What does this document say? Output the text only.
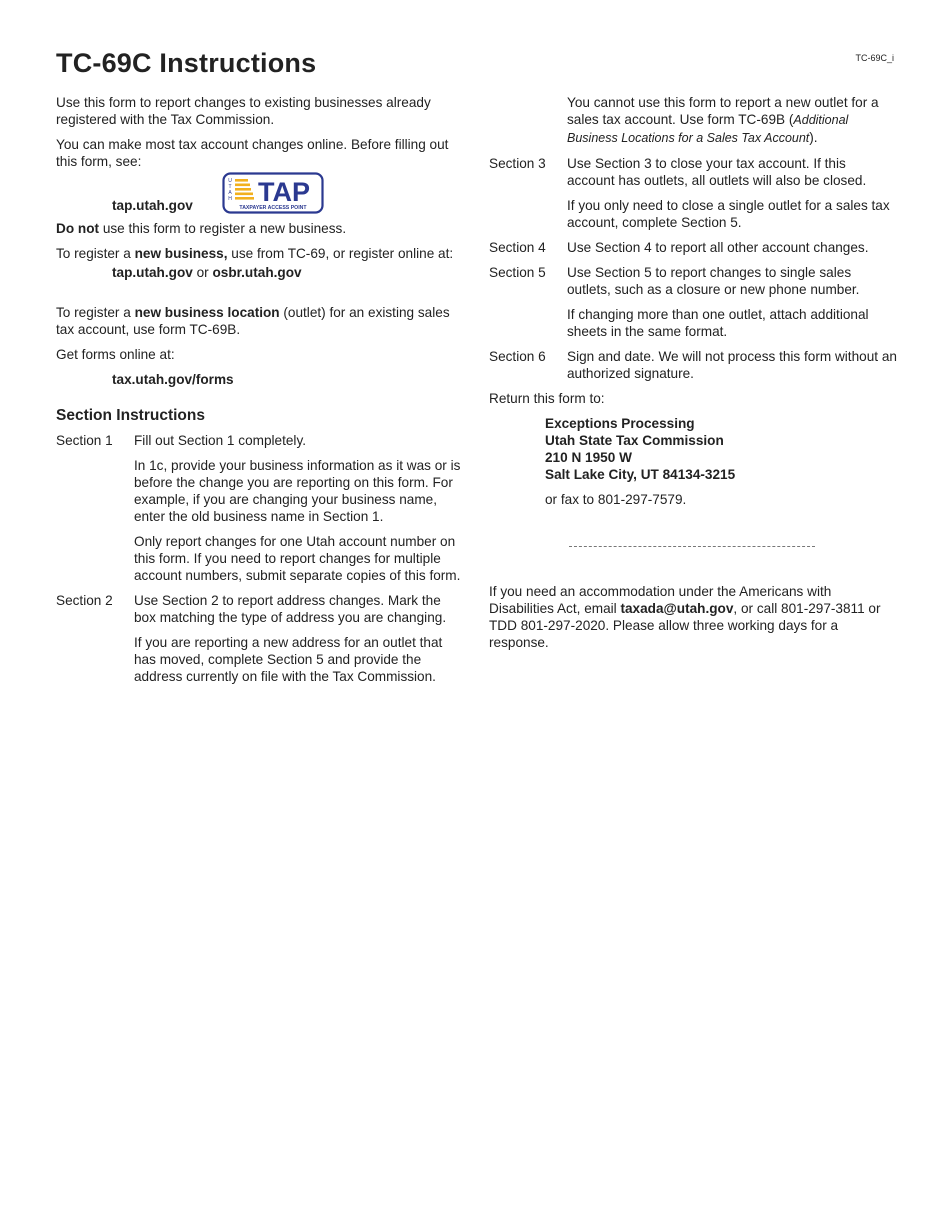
TC-69C Instructions	TC-69C_i

Use this form to report changes to existing businesses already registered with the Tax Commission.

You can make most tax account changes online. Before filling out this form, see:

tap.utah.gov
U
T
A
H TAP
TAXPAYER ACCESS POINT

Do not use this form to register a new business.

To register a new business, use from TC-69, or register online at:

tap.utah.gov or osbr.utah.gov

To register a new business location (outlet) for an existing sales tax account, use form TC-69B.

Get forms online at:

tax.utah.gov/forms

Section Instructions
Section 1	Fill out Section 1 completely.

In 1c, provide your business information as it was or is before the change you are reporting on this form. For example, if you are changing your business name, enter the old business name in Section 1.

Only report changes for one Utah account number on this form. If you need to report changes for multiple account numbers, submit separate copies of this form.

Section 2	Use Section 2 to report address changes. Mark the box matching the type of address you are changing.

If you are reporting a new address for an outlet that has moved, complete Section 5 and provide the address currently on file with the Tax Commission.

You cannot use this form to report a new outlet for a sales tax account. Use form TC-69B (Additional Business Locations for a Sales Tax Account).

Section 3	Use Section 3 to close your tax account. If this account has outlets, all outlets will also be closed.

If you only need to close a single outlet for a sales tax account, complete Section 5.

Section 4	Use Section 4 to report all other account changes.

Section 5	Use Section 5 to report changes to single sales outlets, such as a closure or new phone number.

If changing more than one outlet, attach additional sheets in the same format.

Section 6	Sign and date. We will not process this form without an authorized signature.

Return this form to:

Exceptions Processing
Utah State Tax Commission
210 N 1950 W
Salt Lake City, UT 84134-3215

or fax to 801-297-7579.

If you need an accommodation under the Americans with Disabilities Act, email taxada@utah.gov, or call 801-297-3811 or TDD 801-297-2020. Please allow three working days for a response.
